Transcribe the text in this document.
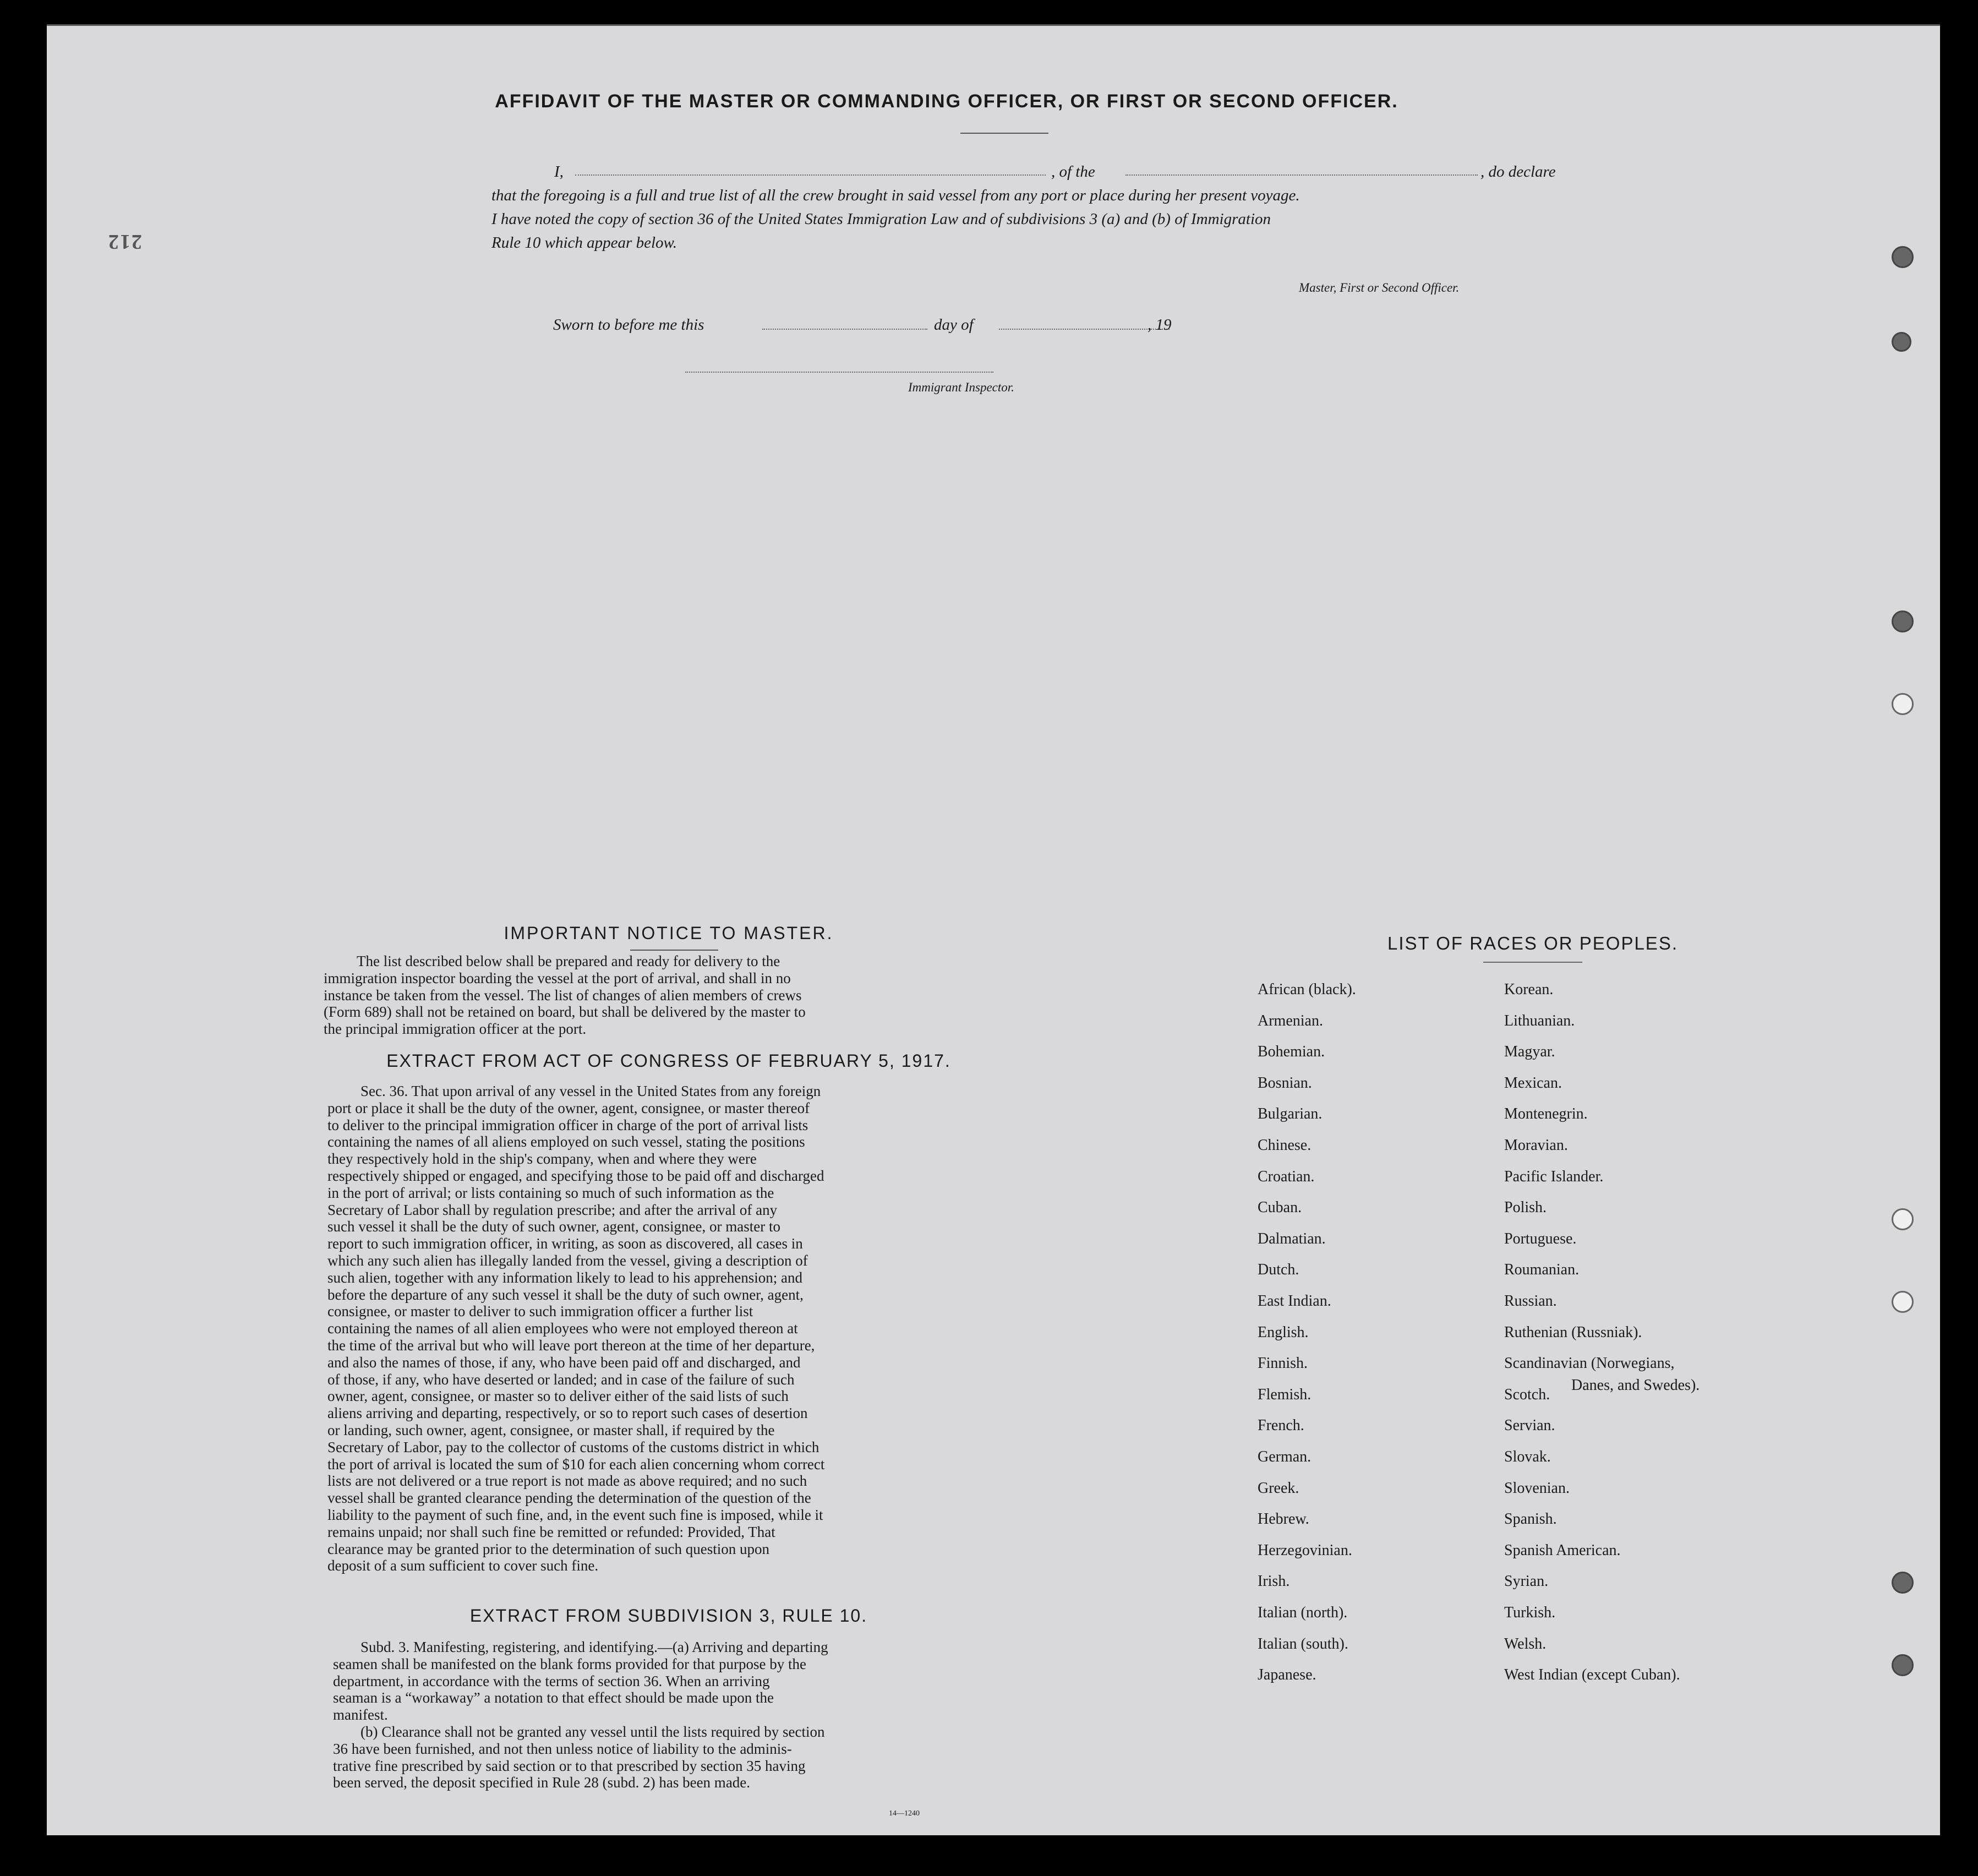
212
AFFIDAVIT OF THE MASTER OR COMMANDING OFFICER, OR FIRST OR SECOND OFFICER.
I,	, of the	, do declare
that the foregoing is a full and true list of all the crew brought in said vessel from any port or place during her present voyage.
I have noted the copy of section 36 of the United States Immigration Law and of subdivisions 3 (a) and (b) of Immigration
Rule 10 which appear below.
Master, First or Second Officer.
Sworn to before me this	day of	, 19
Immigrant Inspector.
IMPORTANT NOTICE TO MASTER.
The list described below shall be prepared and ready for delivery to the
immigration inspector boarding the vessel at the port of arrival, and shall in no
instance be taken from the vessel. The list of changes of alien members of crews
(Form 689) shall not be retained on board, but shall be delivered by the master to
the principal immigration officer at the port.
EXTRACT FROM ACT OF CONGRESS OF FEBRUARY 5, 1917.
Sec. 36. That upon arrival of any vessel in the United States from any foreign
port or place it shall be the duty of the owner, agent, consignee, or master thereof
to deliver to the principal immigration officer in charge of the port of arrival lists
containing the names of all aliens employed on such vessel, stating the positions
they respectively hold in the ship's company, when and where they were
respectively shipped or engaged, and specifying those to be paid off and discharged
in the port of arrival; or lists containing so much of such information as the
Secretary of Labor shall by regulation prescribe; and after the arrival of any
such vessel it shall be the duty of such owner, agent, consignee, or master to
report to such immigration officer, in writing, as soon as discovered, all cases in
which any such alien has illegally landed from the vessel, giving a description of
such alien, together with any information likely to lead to his apprehension; and
before the departure of any such vessel it shall be the duty of such owner, agent,
consignee, or master to deliver to such immigration officer a further list
containing the names of all alien employees who were not employed thereon at
the time of the arrival but who will leave port thereon at the time of her departure,
and also the names of those, if any, who have been paid off and discharged, and
of those, if any, who have deserted or landed; and in case of the failure of such
owner, agent, consignee, or master so to deliver either of the said lists of such
aliens arriving and departing, respectively, or so to report such cases of desertion
or landing, such owner, agent, consignee, or master shall, if required by the
Secretary of Labor, pay to the collector of customs of the customs district in which
the port of arrival is located the sum of $10 for each alien concerning whom correct
lists are not delivered or a true report is not made as above required; and no such
vessel shall be granted clearance pending the determination of the question of the
liability to the payment of such fine, and, in the event such fine is imposed, while it
remains unpaid; nor shall such fine be remitted or refunded: Provided, That
clearance may be granted prior to the determination of such question upon
deposit of a sum sufficient to cover such fine.
EXTRACT FROM SUBDIVISION 3, RULE 10.
Subd. 3. Manifesting, registering, and identifying.—(a) Arriving and departing
seamen shall be manifested on the blank forms provided for that purpose by the
department, in accordance with the terms of section 36. When an arriving
seaman is a “workaway” a notation to that effect should be made upon the
manifest.
(b) Clearance shall not be granted any vessel until the lists required by section
36 have been furnished, and not then unless notice of liability to the adminis-
trative fine prescribed by said section or to that prescribed by section 35 having
been served, the deposit specified in Rule 28 (subd. 2) has been made.
14—1240
LIST OF RACES OR PEOPLES.
African (black).
Armenian.
Bohemian.
Bosnian.
Bulgarian.
Chinese.
Croatian.
Cuban.
Dalmatian.
Dutch.
East Indian.
English.
Finnish.
Flemish.
French.
German.
Greek.
Hebrew.
Herzegovinian.
Irish.
Italian (north).
Italian (south).
Japanese.
Korean.
Lithuanian.
Magyar.
Mexican.
Montenegrin.
Moravian.
Pacific Islander.
Polish.
Portuguese.
Roumanian.
Russian.
Ruthenian (Russniak).
Scandinavian (Norwegians,
Scotch.
Servian.
Slovak.
Slovenian.
Spanish.
Spanish American.
Syrian.
Turkish.
Welsh.
West Indian (except Cuban).
Danes, and Swedes).
